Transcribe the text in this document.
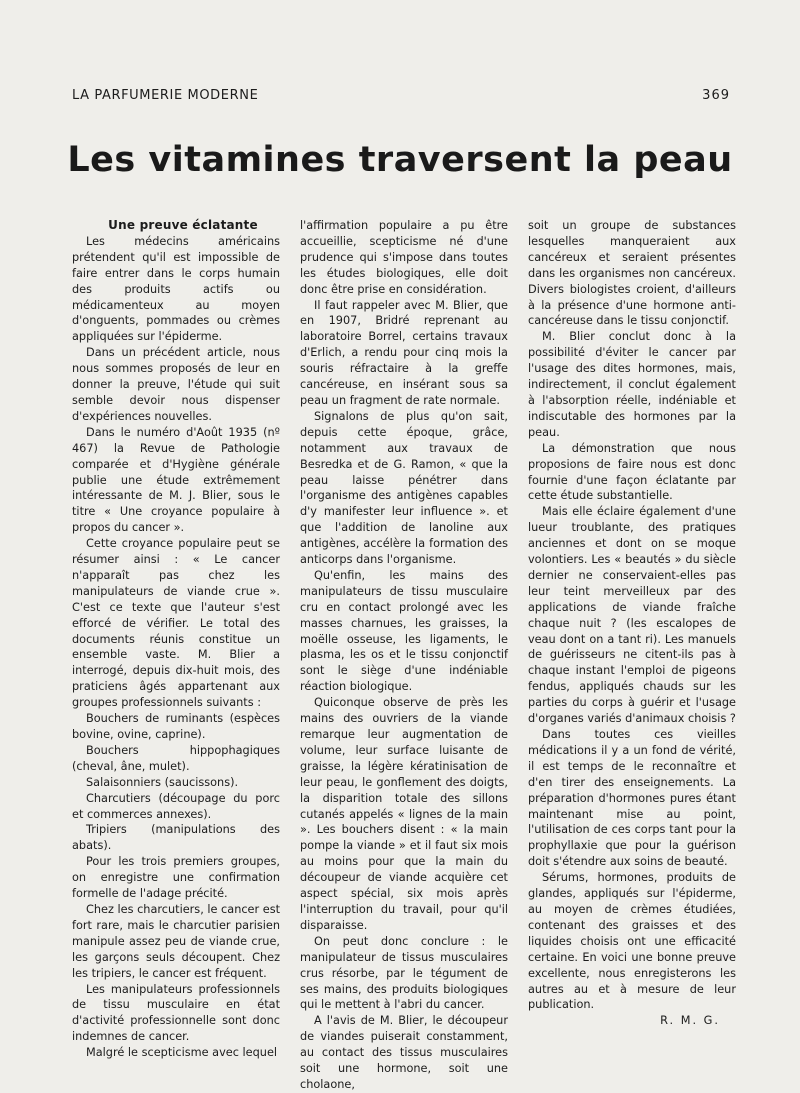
LA PARFUMERIE MODERNE	369
Les vitamines traversent la peau

Une preuve éclatante

Les médecins américains prétendent qu'il est impossible de faire entrer dans le corps humain des produits actifs ou médicamenteux au moyen d'onguents, pommades ou crèmes appliquées sur l'épiderme.

Dans un précédent article, nous nous sommes proposés de leur en donner la preuve, l'étude qui suit semble devoir nous dispenser d'expériences nouvelles.

Dans le numéro d'Août 1935 (nº 467) la Revue de Pathologie comparée et d'Hygiène générale publie une étude extrêmement intéressante de M. J. Blier, sous le titre « Une croyance populaire à propos du cancer ».

Cette croyance populaire peut se résumer ainsi : « Le cancer n'apparaît pas chez les manipulateurs de viande crue ». C'est ce texte que l'auteur s'est efforcé de vérifier. Le total des documents réunis constitue un ensemble vaste. M. Blier a interrogé, depuis dix-huit mois, des praticiens âgés appartenant aux groupes professionnels suivants :

Bouchers de ruminants (espèces bovine, ovine, caprine).

Bouchers hippophagiques (cheval, âne, mulet).

Salaisonniers (saucissons).

Charcutiers (découpage du porc et commerces annexes).

Tripiers (manipulations des abats).

Pour les trois premiers groupes, on enregistre une confirmation formelle de l'adage précité.

Chez les charcutiers, le cancer est fort rare, mais le charcutier parisien manipule assez peu de viande crue, les garçons seuls découpent. Chez les tripiers, le cancer est fréquent.

Les manipulateurs professionnels de tissu musculaire en état d'activité professionnelle sont donc indemnes de cancer.

Malgré le scepticisme avec lequel

l'affirmation populaire a pu être accueillie, scepticisme né d'une prudence qui s'impose dans toutes les études biologiques, elle doit donc être prise en considération.

Il faut rappeler avec M. Blier, que en 1907, Bridré reprenant au laboratoire Borrel, certains travaux d'Erlich, a rendu pour cinq mois la souris réfractaire à la greffe cancéreuse, en insérant sous sa peau un fragment de rate normale.

Signalons de plus qu'on sait, depuis cette époque, grâce, notamment aux travaux de Besredka et de G. Ramon, « que la peau laisse pénétrer dans l'organisme des antigènes capables d'y manifester leur influence ». et que l'addition de lanoline aux antigènes, accélère la formation des anticorps dans l'organisme.

Qu'enfin, les mains des manipulateurs de tissu musculaire cru en contact prolongé avec les masses charnues, les graisses, la moëlle osseuse, les ligaments, le plasma, les os et le tissu conjonctif sont le siège d'une indéniable réaction biologique.

Quiconque observe de près les mains des ouvriers de la viande remarque leur augmentation de volume, leur surface luisante de graisse, la légère kératinisation de leur peau, le gonflement des doigts, la disparition totale des sillons cutanés appelés « lignes de la main ». Les bouchers disent : « la main pompe la viande » et il faut six mois au moins pour que la main du découpeur de viande acquière cet aspect spécial, six mois après l'interruption du travail, pour qu'il disparaisse.

On peut donc conclure : le manipulateur de tissus musculaires crus résorbe, par le tégument de ses mains, des produits biologiques qui le mettent à l'abri du cancer.

A l'avis de M. Blier, le découpeur de viandes puiserait constamment, au contact des tissus musculaires soit une hormone, soit une cholaone,

soit un groupe de substances lesquelles manqueraient aux cancéreux et seraient présentes dans les organismes non cancéreux. Divers biologistes croient, d'ailleurs à la présence d'une hormone anti-cancéreuse dans le tissu conjonctif.

M. Blier conclut donc à la possibilité d'éviter le cancer par l'usage des dites hormones, mais, indirectement, il conclut également à l'absorption réelle, indéniable et indiscutable des hormones par la peau.

La démonstration que nous proposions de faire nous est donc fournie d'une façon éclatante par cette étude substantielle.

Mais elle éclaire également d'une lueur troublante, des pratiques anciennes et dont on se moque volontiers. Les « beautés » du siècle dernier ne conservaient-elles pas leur teint merveilleux par des applications de viande fraîche chaque nuit ? (les escalopes de veau dont on a tant ri). Les manuels de guérisseurs ne citent-ils pas à chaque instant l'emploi de pigeons fendus, appliqués chauds sur les parties du corps à guérir et l'usage d'organes variés d'animaux choisis ?

Dans toutes ces vieilles médications il y a un fond de vérité, il est temps de le reconnaître et d'en tirer des enseignements. La préparation d'hormones pures étant maintenant mise au point, l'utilisation de ces corps tant pour la prophyllaxie que pour la guérison doit s'étendre aux soins de beauté.

Sérums, hormones, produits de glandes, appliqués sur l'épiderme, au moyen de crèmes étudiées, contenant des graisses et des liquides choisis ont une efficacité certaine. En voici une bonne preuve excellente, nous enregisterons les autres au et à mesure de leur publication.

R. M. G.
